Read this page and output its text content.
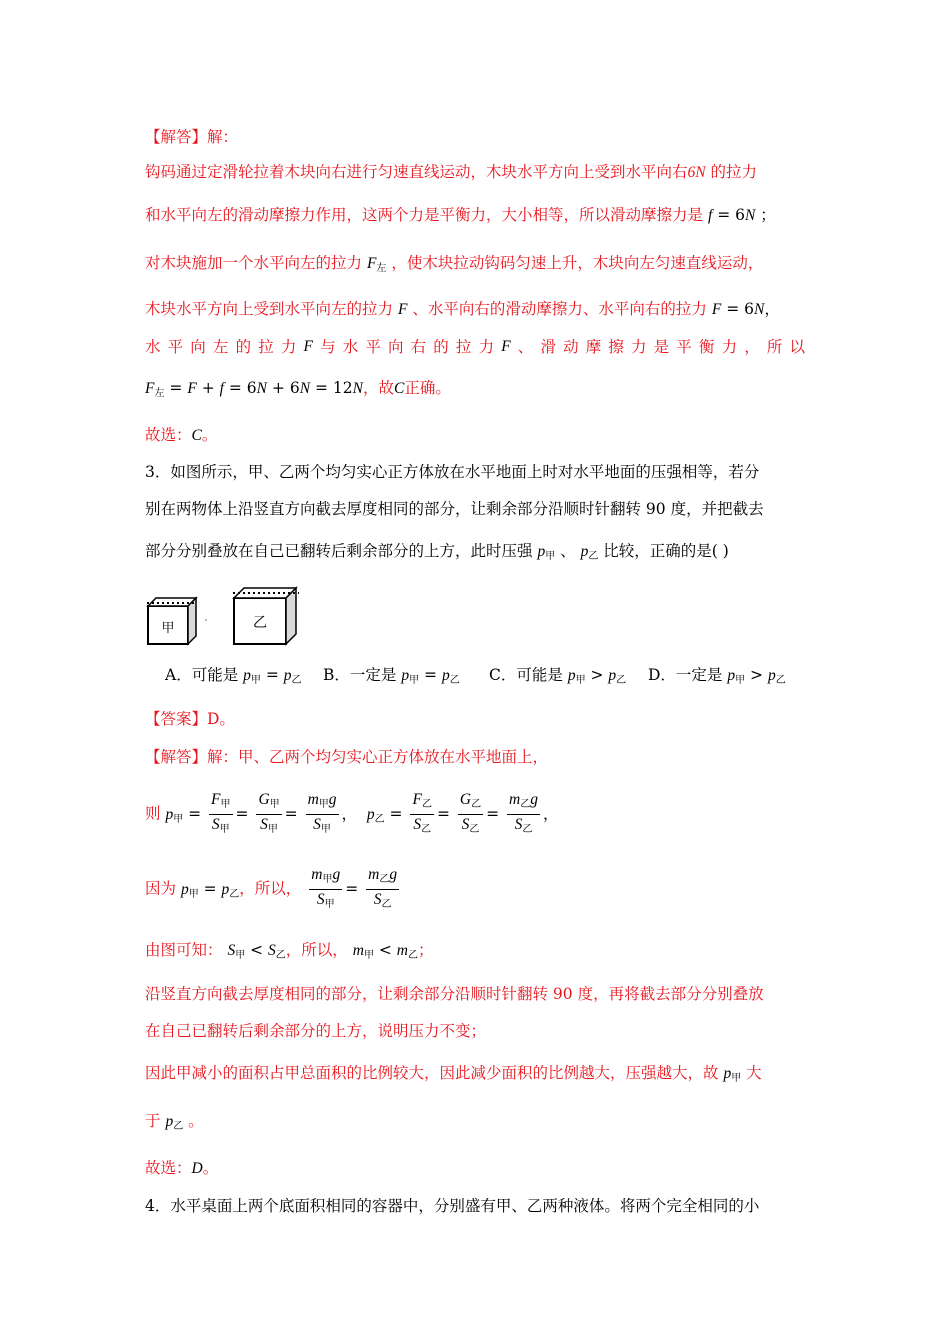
【解答】解：
钩码通过定滑轮拉着木块向右进行匀速直线运动，木块水平方向上受到水平向右6N 的拉力
和水平向左的滑动摩擦力作用，这两个力是平衡力，大小相等，所以滑动摩擦力是 f = 6N ；
对木块施加一个水平向左的拉力 $F_左$ ，使木块拉动钩码匀速上升，木块向左匀速直线运动，
木块水平方向上受到水平向左的拉力 F 、水平向右的滑动摩擦力、水平向右的拉力 F = 6N，
水 平 向 左 的 拉 力 F 与 水 平 向 右 的 拉 力 F 、 滑 动 摩 擦 力 是 平 衡 力 ， 所 以
$F_左 = F + f = 6N + 6N = 12N$，故C正确。
故选：C。
3．如图所示，甲、乙两个均匀实心正方体放在水平地面上时对水平地面的压强相等，若分
别在两物体上沿竖直方向截去厚度相同的部分，让剩余部分沿顺时针翻转 90 度，并把截去
部分分别叠放在自己已翻转后剩余部分的上方，此时压强 $p_甲$ 、 $p_乙$ 比较，正确的是( )
甲	乙
A．可能是 $p_甲 = p_乙$ B．一定是 $p_甲 = p_乙$ C．可能是 $p_甲 > p_乙$ D．一定是 $p_甲 > p_乙$
【答案】D。
【解答】解：甲、乙两个均匀实心正方体放在水平地面上，
则 $p_甲 = \frac{F_甲}{S_甲} = \frac{G_甲}{S_甲} = \frac{m_甲g}{S_甲}$ ，  $p_乙 = \frac{F_乙}{S_乙} = \frac{G_乙}{S_乙} = \frac{m_乙g}{S_乙}$ ，
因为 $p_甲 = p_乙$，所以， $\frac{m_甲g}{S_甲} = \frac{m_乙g}{S_乙}$
由图可知： $S_甲 < S_乙$，所以， $m_甲 < m_乙$；
沿竖直方向截去厚度相同的部分，让剩余部分沿顺时针翻转 90 度，再将截去部分分别叠放
在自己已翻转后剩余部分的上方，说明压力不变；
因此甲减小的面积占甲总面积的比例较大，因此减少面积的比例越大，压强越大，故 $p_甲$ 大
于 $p_乙$ 。
故选：D。
4．水平桌面上两个底面积相同的容器中，分别盛有甲、乙两种液体。将两个完全相同的小
